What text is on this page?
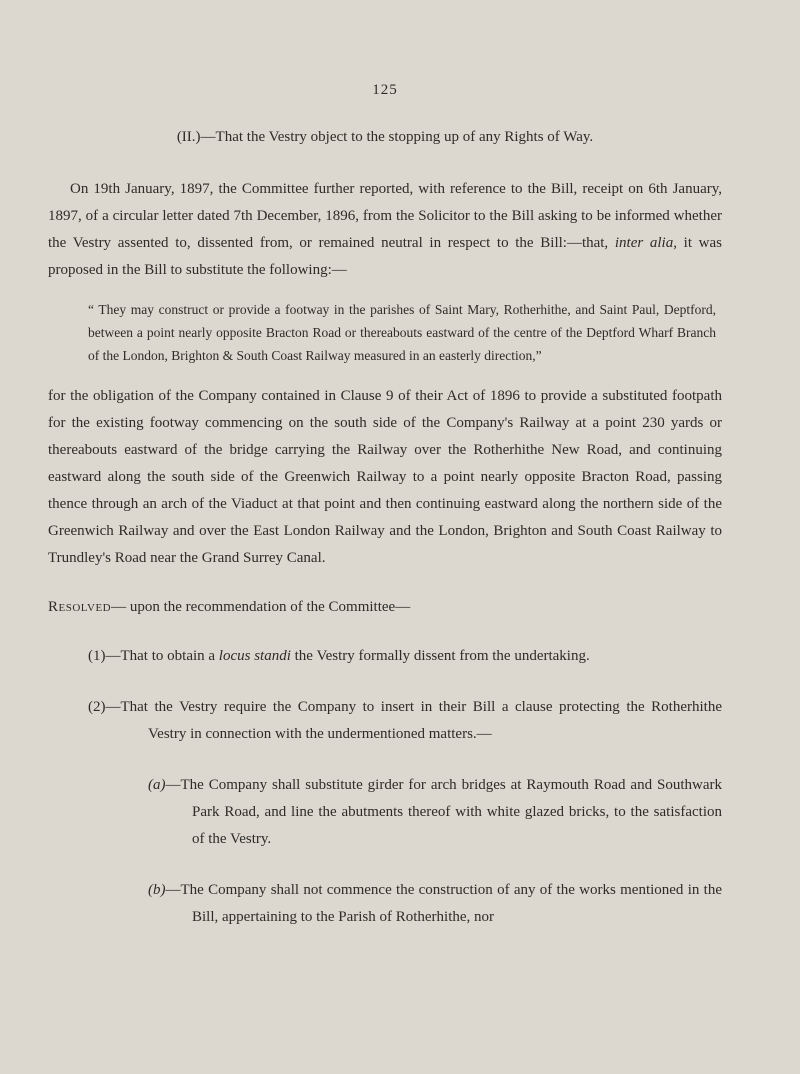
125
(II.)—That the Vestry object to the stopping up of any Rights of Way.

On 19th January, 1897, the Committee further reported, with reference to the Bill, receipt on 6th January, 1897, of a circular letter dated 7th December, 1896, from the Solicitor to the Bill asking to be informed whether the Vestry assented to, dissented from, or remained neutral in respect to the Bill:—that, inter alia, it was proposed in the Bill to substitute the following:—

“ They may construct or provide a footway in the parishes of Saint Mary, Rotherhithe, and Saint Paul, Deptford, between a point nearly opposite Bracton Road or thereabouts eastward of the centre of the Deptford Wharf Branch of the London, Brighton & South Coast Railway measured in an easterly direction,”

for the obligation of the Company contained in Clause 9 of their Act of 1896 to provide a substituted footpath for the existing footway commencing on the south side of the Company's Railway at a point 230 yards or thereabouts eastward of the bridge carrying the Railway over the Rotherhithe New Road, and continuing eastward along the south side of the Greenwich Railway to a point nearly opposite Bracton Road, passing thence through an arch of the Viaduct at that point and then continuing eastward along the northern side of the Greenwich Railway and over the East London Railway and the London, Brighton and South Coast Railway to Trundley's Road near the Grand Surrey Canal.

Resolved— upon the recommendation of the Committee—

(1)—That to obtain a locus standi the Vestry formally dissent from the undertaking.

(2)—That the Vestry require the Company to insert in their Bill a clause protecting the Rotherhithe Vestry in connection with the undermentioned matters.—

(a)—The Company shall substitute girder for arch bridges at Raymouth Road and Southwark Park Road, and line the abutments thereof with white glazed bricks, to the satisfaction of the Vestry.

(b)—The Company shall not commence the construction of any of the works mentioned in the Bill, appertaining to the Parish of Rotherhithe, nor
